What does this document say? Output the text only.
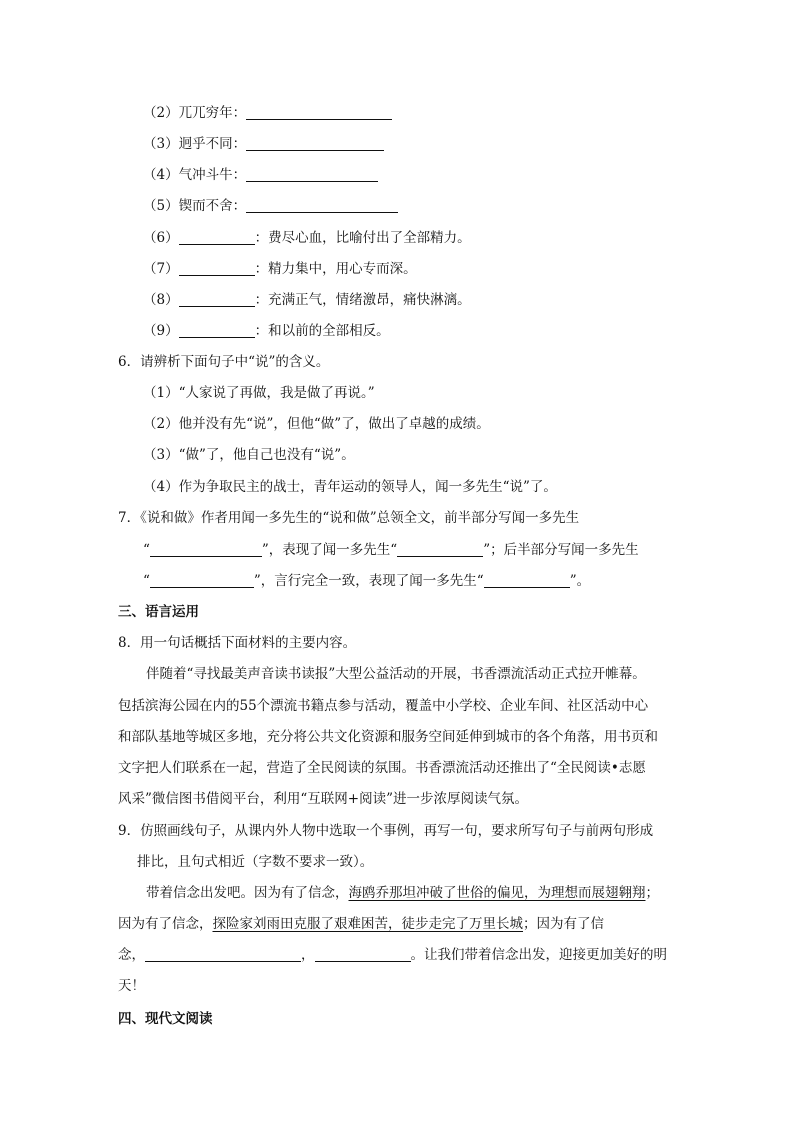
（2）兀兀穷年：
（3）迥乎不同：
（4）气冲斗牛：
（5）锲而不舍：
（6）	：费尽心血，比喻付出了全部精力。
（7）	：精力集中，用心专而深。
（8）	：充满正气，情绪激昂，痛快淋漓。
（9）	：和以前的全部相反。
6．请辨析下面句子中“说”的含义。
（1）“人家说了再做，我是做了再说。”
（2）他并没有先“说”，但他“做”了，做出了卓越的成绩。
（3）“做”了，他自己也没有“说”。
（4）作为争取民主的战士，青年运动的领导人，闻一多先生“说”了。
7．《说和做》作者用闻一多先生的“说和做”总领全文，前半部分写闻一多先生
“	”，表现了闻一多先生“	”；后半部分写闻一多先生
“	”，言行完全一致，表现了闻一多先生“	”。
三、语言运用
8．用一句话概括下面材料的主要内容。
伴随着“寻找最美声音读书读报”大型公益活动的开展，书香漂流活动正式拉开帷幕。
包括滨海公园在内的55个漂流书籍点参与活动，覆盖中小学校、企业车间、社区活动中心
和部队基地等城区多地，充分将公共文化资源和服务空间延伸到城市的各个角落，用书页和
文字把人们联系在一起，营造了全民阅读的氛围。书香漂流活动还推出了“全民阅读•志愿
风采”微信图书借阅平台，利用“互联网+阅读”进一步浓厚阅读气氛。
9．仿照画线句子，从课内外人物中选取一个事例，再写一句，要求所写句子与前两句形成
排比，且句式相近（字数不要求一致）。
带着信念出发吧。因为有了信念，海鸥乔那坦冲破了世俗的偏见，为理想而展翅翱翔；
因为有了信念，探险家刘雨田克服了艰难困苦，徒步走完了万里长城；因为有了信
念，	，	。让我们带着信念出发，迎接更加美好的明
天！
四、现代文阅读
